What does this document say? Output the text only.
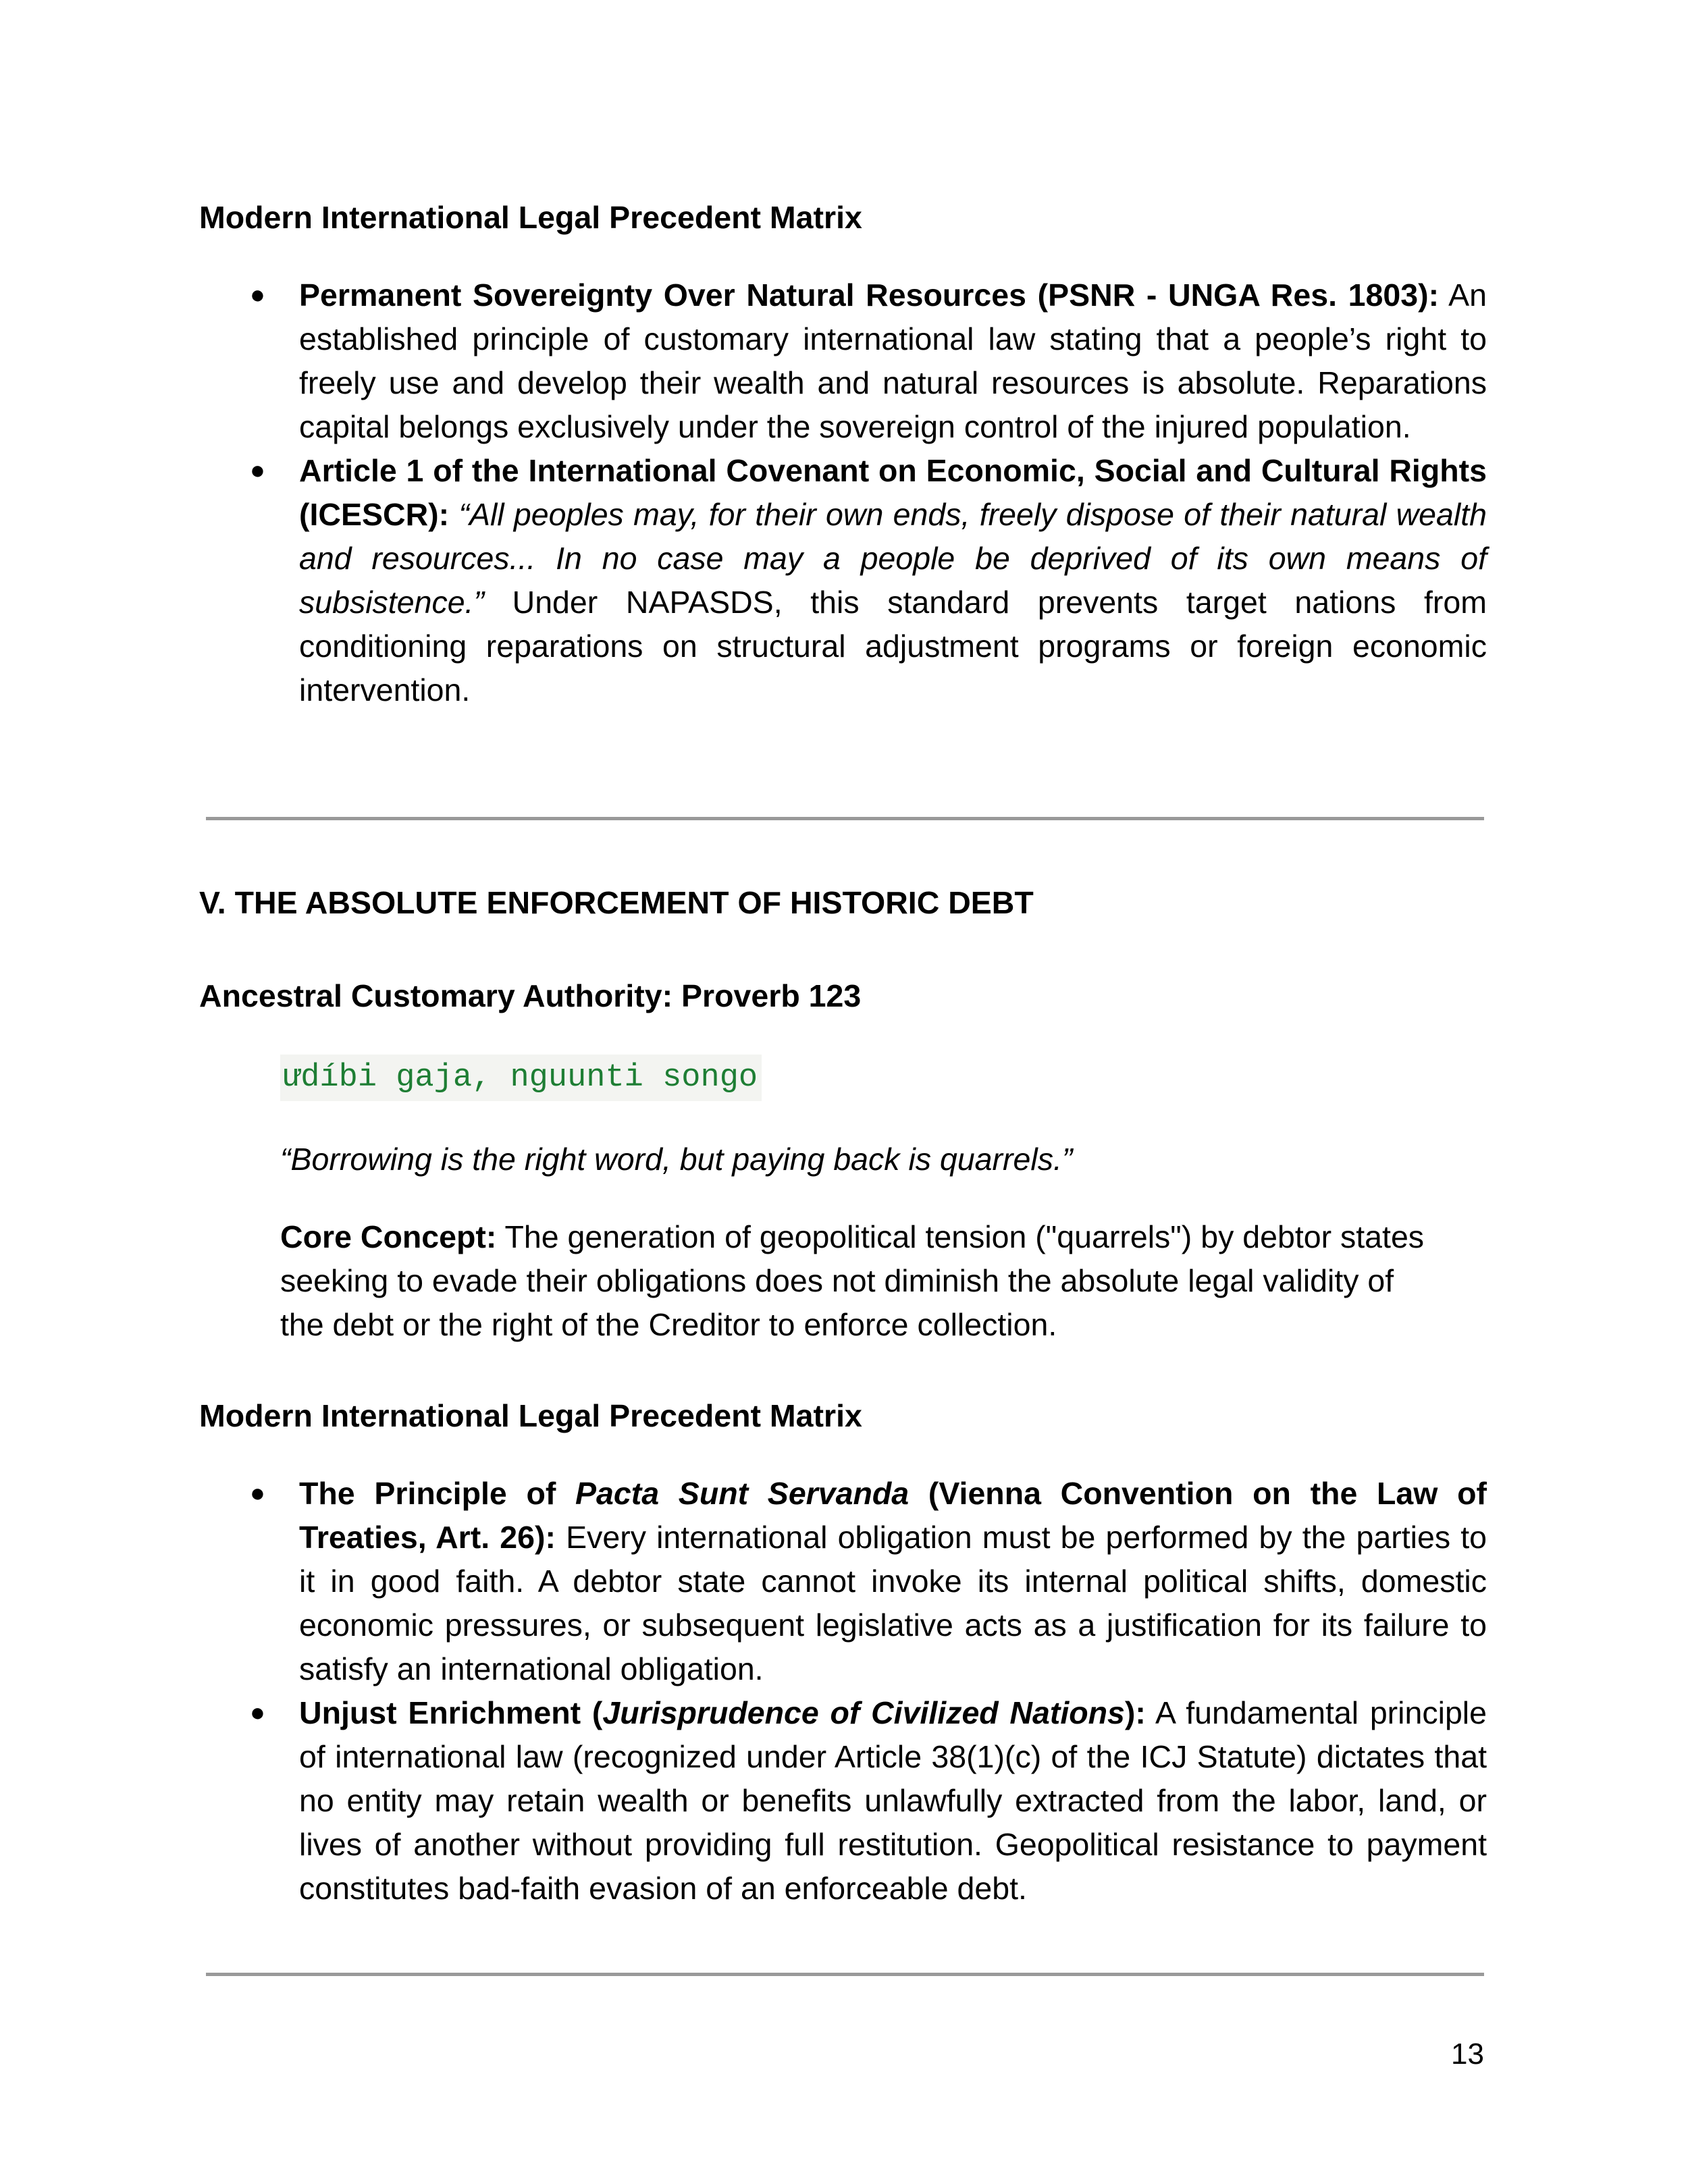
Modern International Legal Precedent Matrix

● Permanent Sovereignty Over Natural Resources (PSNR - UNGA Res. 1803): An established principle of customary international law stating that a people’s right to freely use and develop their wealth and natural resources is absolute. Reparations capital belongs exclusively under the sovereign control of the injured population.
● Article 1 of the International Covenant on Economic, Social and Cultural Rights (ICESCR): “All peoples may, for their own ends, freely dispose of their natural wealth and resources... In no case may a people be deprived of its own means of subsistence.” Under NAPASDS, this standard prevents target nations from conditioning reparations on structural adjustment programs or foreign economic intervention.

V. THE ABSOLUTE ENFORCEMENT OF HISTORIC DEBT

Ancestral Customary Authority: Proverb 123

ưdíbi gaja, nguunti songo
“Borrowing is the right word, but paying back is quarrels.”
Core Concept: The generation of geopolitical tension ("quarrels") by debtor states seeking to evade their obligations does not diminish the absolute legal validity of the debt or the right of the Creditor to enforce collection.

Modern International Legal Precedent Matrix

● The Principle of Pacta Sunt Servanda (Vienna Convention on the Law of Treaties, Art. 26): Every international obligation must be performed by the parties to it in good faith. A debtor state cannot invoke its internal political shifts, domestic economic pressures, or subsequent legislative acts as a justification for its failure to satisfy an international obligation.
● Unjust Enrichment (Jurisprudence of Civilized Nations): A fundamental principle of international law (recognized under Article 38(1)(c) of the ICJ Statute) dictates that no entity may retain wealth or benefits unlawfully extracted from the labor, land, or lives of another without providing full restitution. Geopolitical resistance to payment constitutes bad-faith evasion of an enforceable debt.
13
